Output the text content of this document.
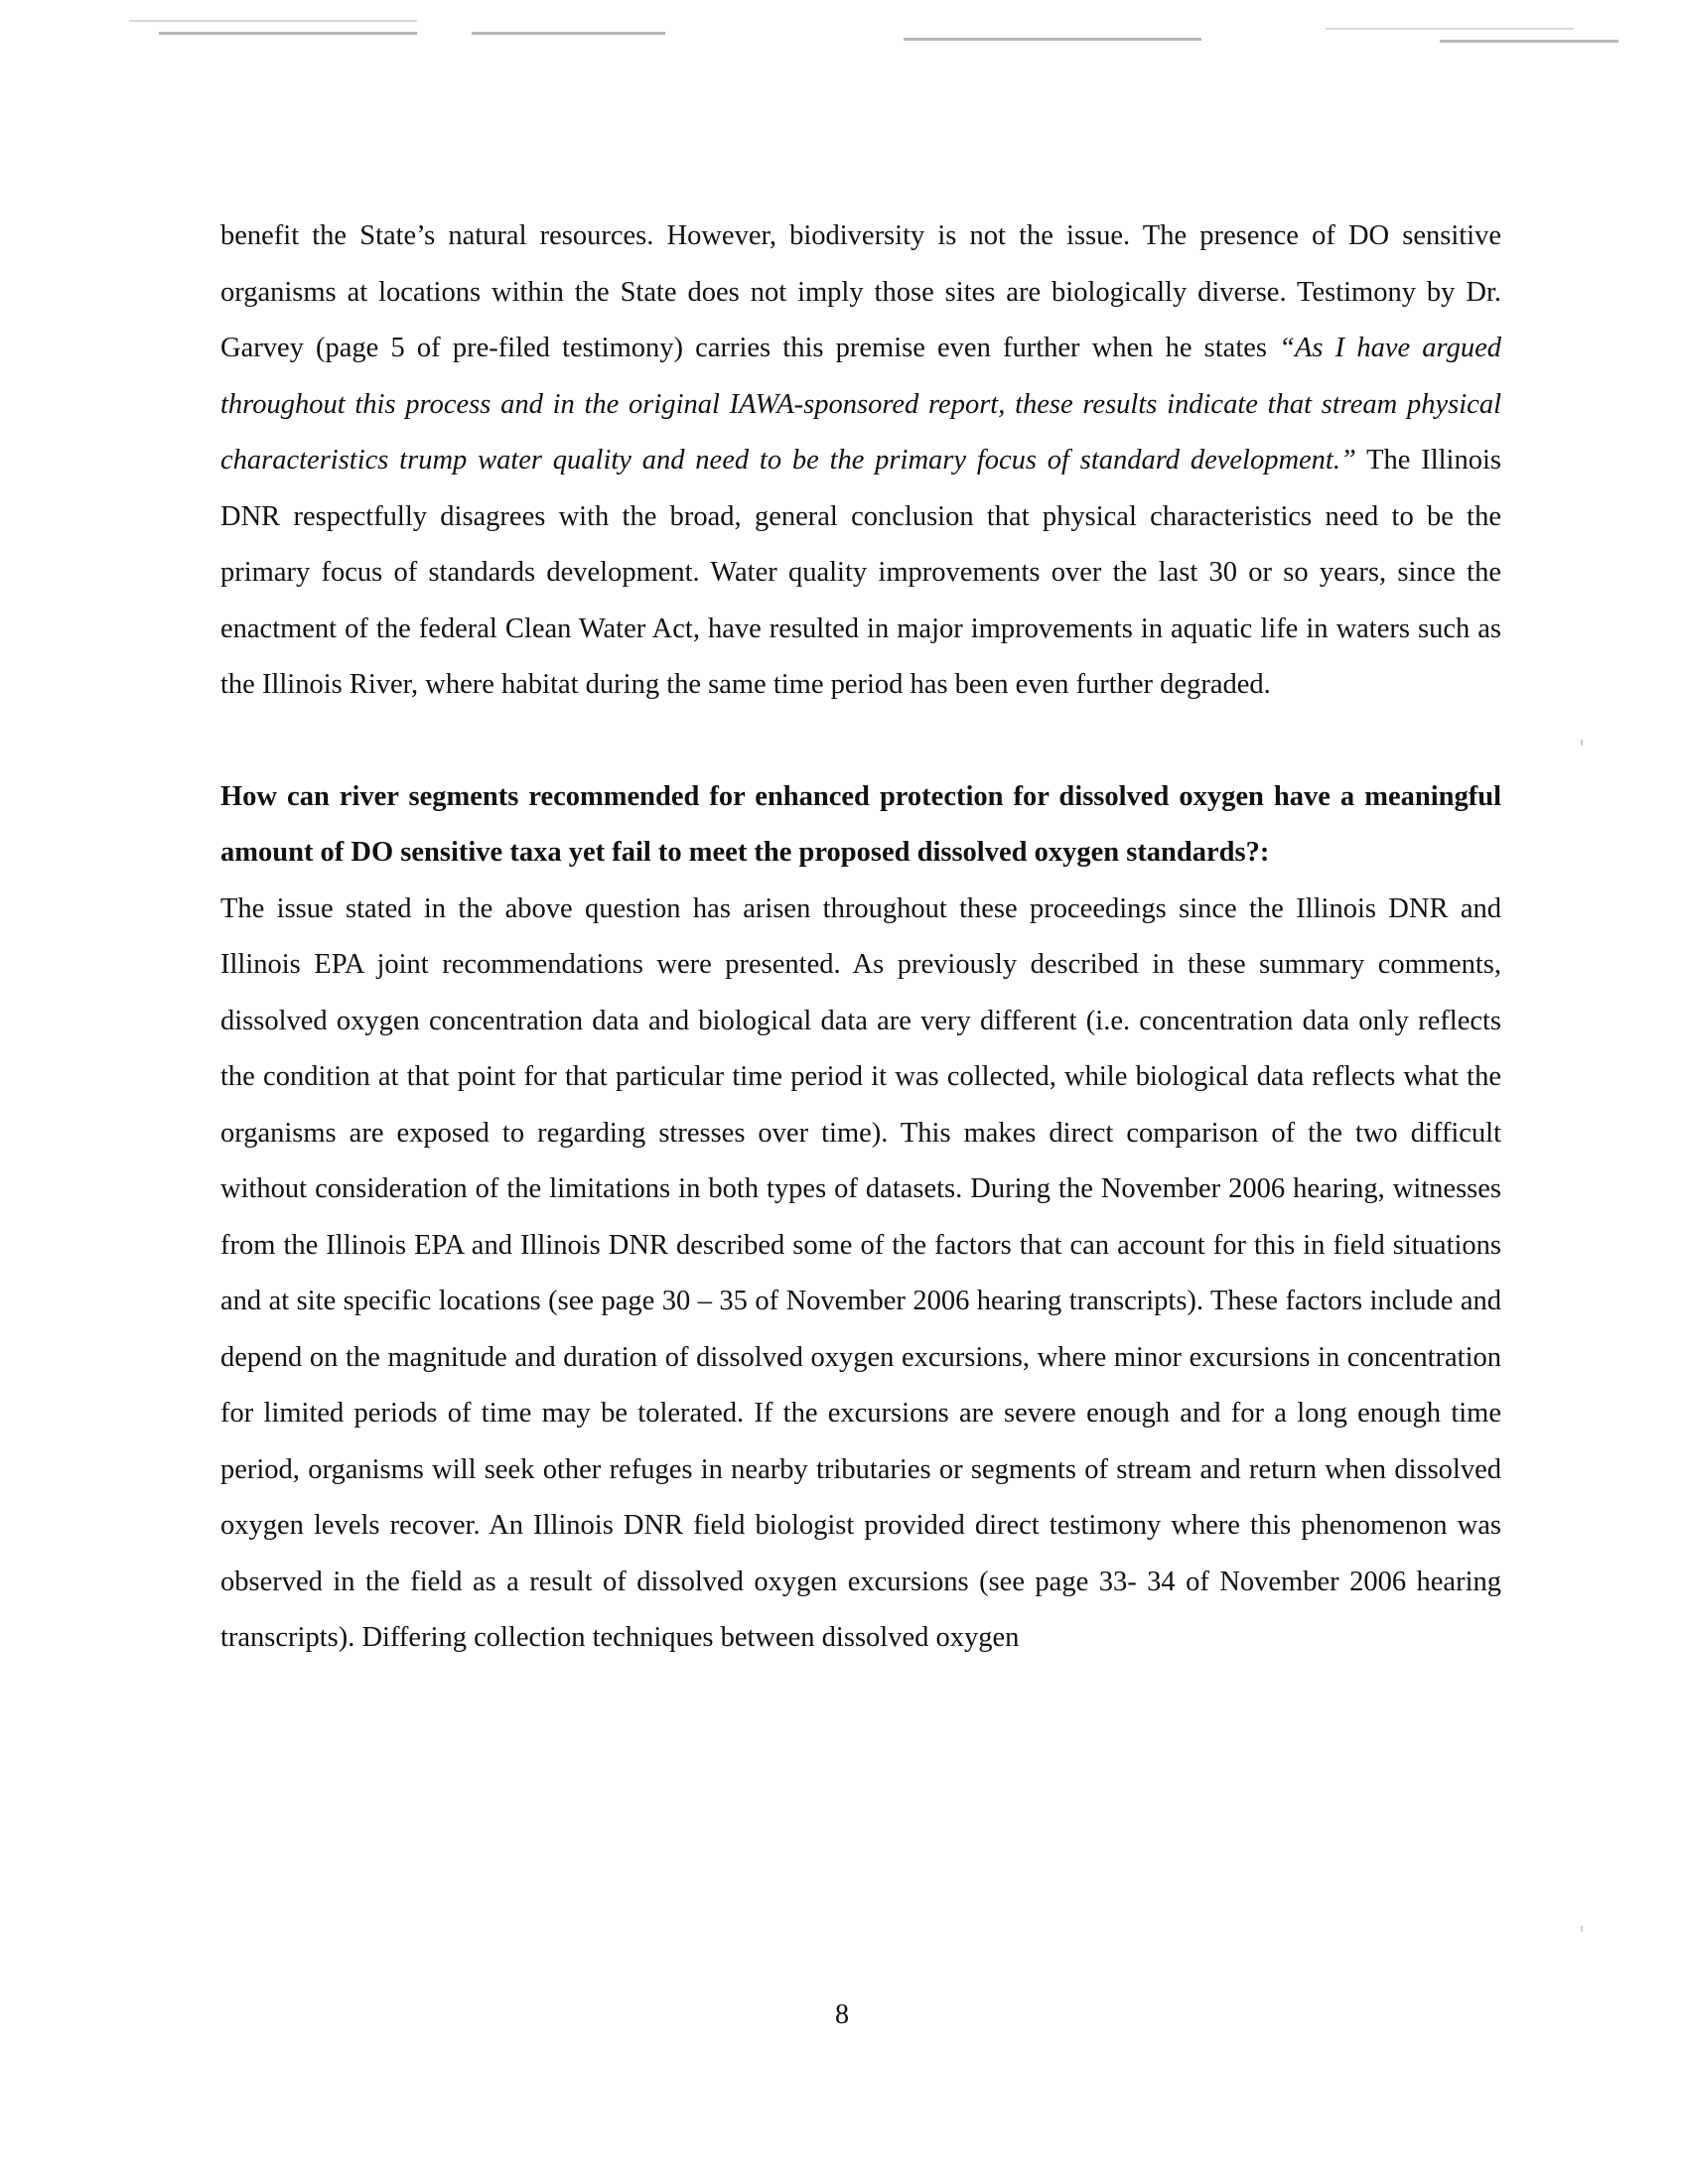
benefit the State’s natural resources. However, biodiversity is not the issue. The presence of DO sensitive organisms at locations within the State does not imply those sites are biologically diverse. Testimony by Dr. Garvey (page 5 of pre-filed testimony) carries this premise even further when he states “As I have argued throughout this process and in the original IAWA-sponsored report, these results indicate that stream physical characteristics trump water quality and need to be the primary focus of standard development.” The Illinois DNR respectfully disagrees with the broad, general conclusion that physical characteristics need to be the primary focus of standards development. Water quality improvements over the last 30 or so years, since the enactment of the federal Clean Water Act, have resulted in major improvements in aquatic life in waters such as the Illinois River, where habitat during the same time period has been even further degraded.

How can river segments recommended for enhanced protection for dissolved oxygen have a meaningful amount of DO sensitive taxa yet fail to meet the proposed dissolved oxygen standards?:

The issue stated in the above question has arisen throughout these proceedings since the Illinois DNR and Illinois EPA joint recommendations were presented. As previously described in these summary comments, dissolved oxygen concentration data and biological data are very different (i.e. concentration data only reflects the condition at that point for that particular time period it was collected, while biological data reflects what the organisms are exposed to regarding stresses over time). This makes direct comparison of the two difficult without consideration of the limitations in both types of datasets. During the November 2006 hearing, witnesses from the Illinois EPA and Illinois DNR described some of the factors that can account for this in field situations and at site specific locations (see page 30 – 35 of November 2006 hearing transcripts). These factors include and depend on the magnitude and duration of dissolved oxygen excursions, where minor excursions in concentration for limited periods of time may be tolerated. If the excursions are severe enough and for a long enough time period, organisms will seek other refuges in nearby tributaries or segments of stream and return when dissolved oxygen levels recover. An Illinois DNR field biologist provided direct testimony where this phenomenon was observed in the field as a result of dissolved oxygen excursions (see page 33- 34 of November 2006 hearing transcripts). Differing collection techniques between dissolved oxygen

8
